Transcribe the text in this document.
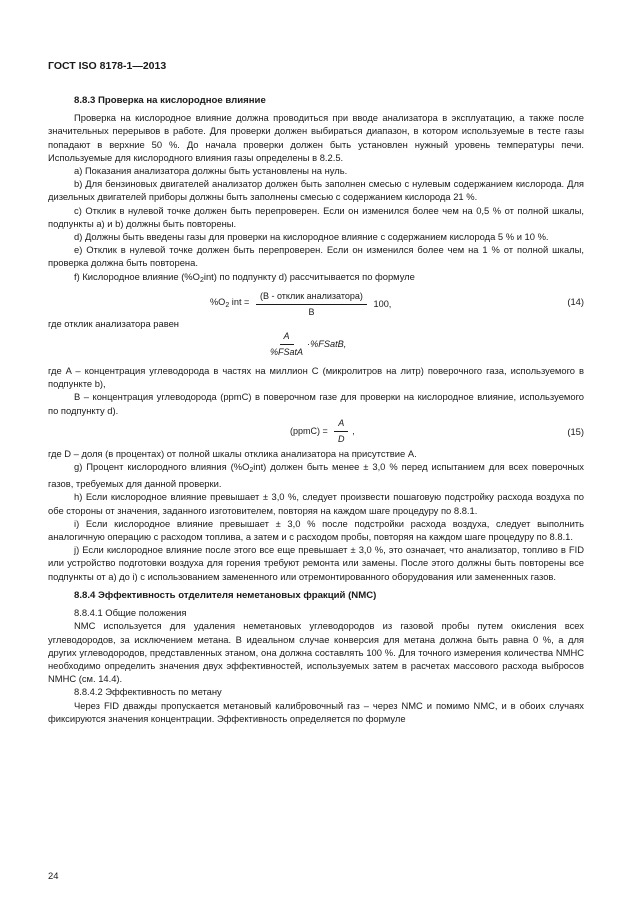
ГОСТ ISO 8178-1—2013

8.8.3 Проверка на кислородное влияние

Проверка на кислородное влияние должна проводиться при вводе анализатора в эксплуатацию, а также после значительных перерывов в работе. Для проверки должен выбираться диапазон, в котором используемые в тесте газы попадают в верхние 50 %. До начала проверки должен быть установлен нужный уровень температуры печи. Используемые для кислородного влияния газы определены в 8.2.5.

a) Показания анализатора должны быть установлены на нуль.

b) Для бензиновых двигателей анализатор должен быть заполнен смесью с нулевым содержанием кислорода. Для дизельных двигателей приборы должны быть заполнены смесью с содержанием кислорода 21 %.

c) Отклик в нулевой точке должен быть перепроверен. Если он изменился более чем на 0,5 % от полной шкалы, подпункты а) и b) должны быть повторены.

d) Должны быть введены газы для проверки на кислородное влияние с содержанием кислорода 5 % и 10 %.

e) Отклик в нулевой точке должен быть перепроверен. Если он изменился более чем на 1 % от полной шкалы, проверка должна быть повторена.

f) Кислородное влияние $(\%O_2int)$ по подпункту d) рассчитывается по формуле

$\%O_2$ int = $\frac{\text{(B - отклик анализатора)}}{B} 100$,	(14)

где отклик анализатора равен

$\frac{A}{\text{\%FSatA}}$ ·%FSatB,

где A – концентрация углеводорода в частях на миллион C (микролитров на литр) поверочного газа, используемого в подпункте b),

B – концентрация углеводорода (ppmC) в поверочном газе для проверки на кислородное влияние, используемого по подпункту d).

(ppmC) = $\frac{A}{D}$ ,	(15)

где D – доля (в процентах) от полной шкалы отклика анализатора на присутствие A.

g) Процент кислородного влияния $(\%O_2int)$ должен быть менее ± 3,0 % перед испытанием для всех поверочных газов, требуемых для данной проверки.

h) Если кислородное влияние превышает ± 3,0 %, следует произвести пошаговую подстройку расхода воздуха по обе стороны от значения, заданного изготовителем, повторяя на каждом шаге процедуру по 8.8.1.

i) Если кислородное влияние превышает ± 3,0 % после подстройки расхода воздуха, следует выполнить аналогичную операцию с расходом топлива, а затем и с расходом пробы, повторяя на каждом шаге процедуру по 8.8.1.

j) Если кислородное влияние после этого все еще превышает ± 3,0 %, это означает, что анализатор, топливо в FID или устройство подготовки воздуха для горения требуют ремонта или замены. После этого должны быть повторены все подпункты от а) до i) с использованием замененного или отремонтированного оборудования или замененных газов.

8.8.4 Эффективность отделителя неметановых фракций (NMC)

8.8.4.1 Общие положения

NMC используется для удаления неметановых углеводородов из газовой пробы путем окисления всех углеводородов, за исключением метана. В идеальном случае конверсия для метана должна быть равна 0 %, а для других углеводородов, представленных этаном, она должна составлять 100 %. Для точного измерения количества NMHC необходимо определить значения двух эффективностей, используемых затем в расчетах массового расхода выбросов NMHC (см. 14.4).

8.8.4.2 Эффективность по метану

Через FID дважды пропускается метановый калибровочный газ – через NMC и помимо NMC, и в обоих случаях фиксируются значения концентрации. Эффективность определяется по формуле

24
